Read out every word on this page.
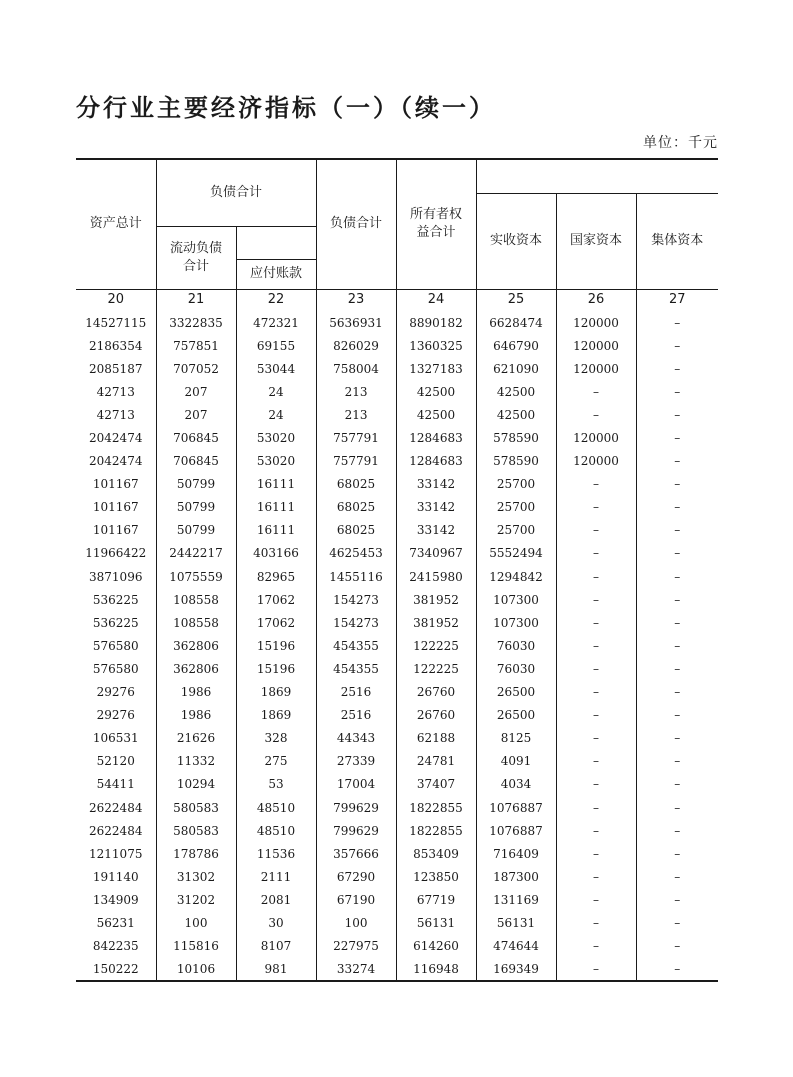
分行业主要经济指标（一）（续一）
单位：千元
资产总计	负债合计		负债合计	所有者权益合计			

					实收资本	国家资本	集体资本

	流动负债合计						

		应付账款					
20	21	22	23	24	25	26	27
14527115	3322835	472321	5636931	8890182	6628474	120000	–
2186354	757851	69155	826029	1360325	646790	120000	–
2085187	707052	53044	758004	1327183	621090	120000	–
42713	207	24	213	42500	42500	–	–
42713	207	24	213	42500	42500	–	–
2042474	706845	53020	757791	1284683	578590	120000	–
2042474	706845	53020	757791	1284683	578590	120000	–
101167	50799	16111	68025	33142	25700	–	–
101167	50799	16111	68025	33142	25700	–	–
101167	50799	16111	68025	33142	25700	–	–
11966422	2442217	403166	4625453	7340967	5552494	–	–
3871096	1075559	82965	1455116	2415980	1294842	–	–
536225	108558	17062	154273	381952	107300	–	–
536225	108558	17062	154273	381952	107300	–	–
576580	362806	15196	454355	122225	76030	–	–
576580	362806	15196	454355	122225	76030	–	–
29276	1986	1869	2516	26760	26500	–	–
29276	1986	1869	2516	26760	26500	–	–
106531	21626	328	44343	62188	8125	–	–
52120	11332	275	27339	24781	4091	–	–
54411	10294	53	17004	37407	4034	–	–
2622484	580583	48510	799629	1822855	1076887	–	–
2622484	580583	48510	799629	1822855	1076887	–	–
1211075	178786	11536	357666	853409	716409	–	–
191140	31302	2111	67290	123850	187300	–	–
134909	31202	2081	67190	67719	131169	–	–
56231	100	30	100	56131	56131	–	–
842235	115816	8107	227975	614260	474644	–	–
150222	10106	981	33274	116948	169349	–	–
